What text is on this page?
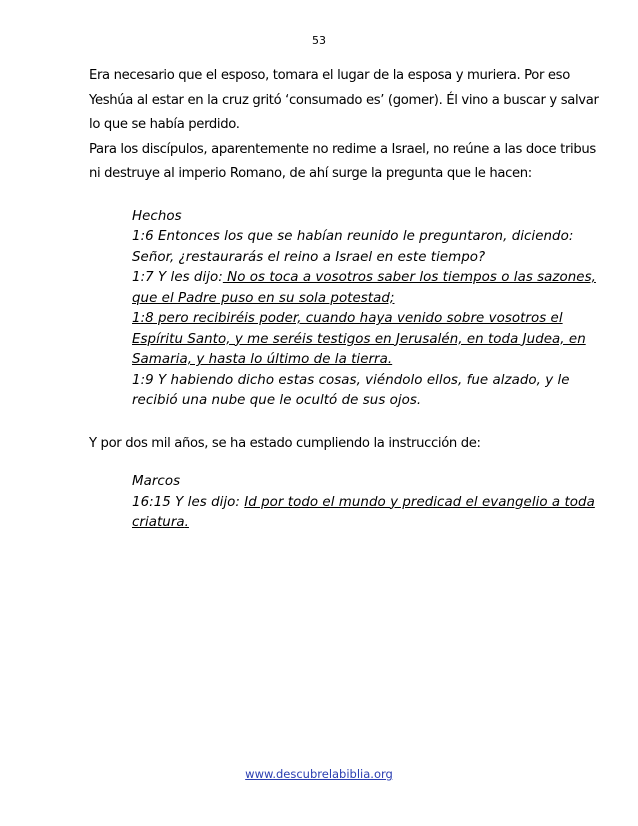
53

Era necesario que el esposo, tomara el lugar de la esposa y muriera. Por eso Yeshúa al estar en la cruz gritó ‘consumado es’ (gomer). Él vino a buscar y salvar lo que se había perdido.

Para los discípulos, aparentemente no redime a Israel, no reúne a las doce tribus ni destruye al imperio Romano, de ahí surge la pregunta que le hacen:

Hechos

1:6 Entonces los que se habían reunido le preguntaron, diciendo: Señor, ¿restaurarás el reino a Israel en este tiempo?

1:7 Y les dijo: No os toca a vosotros saber los tiempos o las sazones, que el Padre puso en su sola potestad;

1:8 pero recibiréis poder, cuando haya venido sobre vosotros el Espíritu Santo, y me seréis testigos en Jerusalén, en toda Judea, en Samaria, y hasta lo último de la tierra.

1:9 Y habiendo dicho estas cosas, viéndolo ellos, fue alzado, y le recibió una nube que le ocultó de sus ojos.

Y por dos mil años, se ha estado cumpliendo la instrucción de:

Marcos

16:15 Y les dijo: Id por todo el mundo y predicad el evangelio a toda criatura.

www.descubrelabiblia.org
